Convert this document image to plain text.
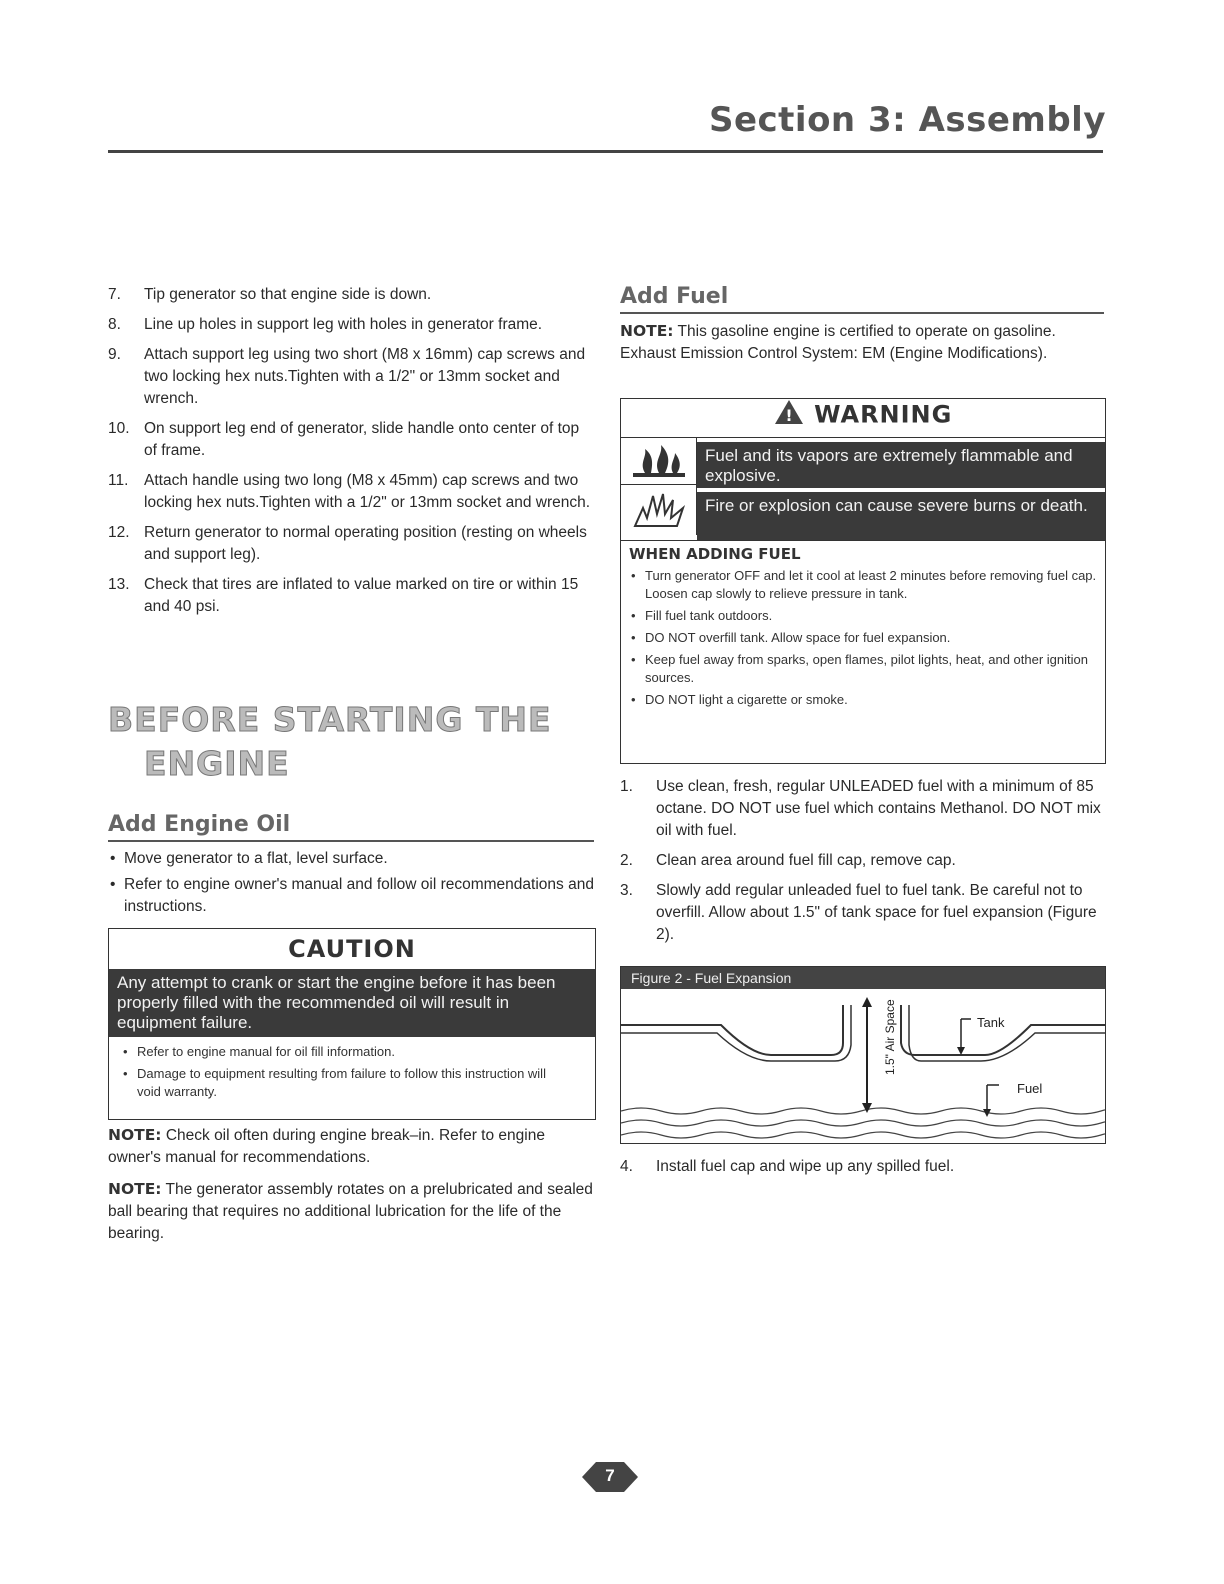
Section 3: Assembly
7. Tip generator so that engine side is down.
8. Line up holes in support leg with holes in generator frame.
9. Attach support leg using two short (M8 x 16mm) cap screws and two locking hex nuts.Tighten with a 1/2" or 13mm socket and wrench.
10. On support leg end of generator, slide handle onto center of top of frame.
11. Attach handle using two long (M8 x 45mm) cap screws and two locking hex nuts.Tighten with a 1/2" or 13mm socket and wrench.
12. Return generator to normal operating position (resting on wheels and support leg).
13. Check that tires are inflated to value marked on tire or within 15 and 40 psi.
BEFORE STARTING THE
ENGINE
Add Engine Oil
• Move generator to a flat, level surface.
• Refer to engine owner's manual and follow oil recommendations and instructions.
CAUTION
Any attempt to crank or start the engine before it has been properly filled with the recommended oil will result in equipment failure.
• Refer to engine manual for oil fill information.
• Damage to equipment resulting from failure to follow this instruction will void warranty.
NOTE: Check oil often during engine break–in. Refer to engine owner's manual for recommendations.
NOTE: The generator assembly rotates on a prelubricated and sealed ball bearing that requires no additional lubrication for the life of the bearing.
Add Fuel
NOTE: This gasoline engine is certified to operate on gasoline. Exhaust Emission Control System: EM (Engine Modifications).
! WARNING
Fuel and its vapors are extremely flammable and explosive.
Fire or explosion can cause severe burns or death.
WHEN ADDING FUEL
• Turn generator OFF and let it cool at least 2 minutes before removing fuel cap. Loosen cap slowly to relieve pressure in tank.
• Fill fuel tank outdoors.
• DO NOT overfill tank. Allow space for fuel expansion.
• Keep fuel away from sparks, open flames, pilot lights, heat, and other ignition sources.
• DO NOT light a cigarette or smoke.
1. Use clean, fresh, regular UNLEADED fuel with a minimum of 85 octane. DO NOT use fuel which contains Methanol. DO NOT mix oil with fuel.
2. Clean area around fuel fill cap, remove cap.
3. Slowly add regular unleaded fuel to fuel tank. Be careful not to overfill. Allow about 1.5" of tank space for fuel expansion (Figure 2).
Figure 2 - Fuel Expansion
1.5" Air Space	Tank
Fuel
4. Install fuel cap and wipe up any spilled fuel.
7
